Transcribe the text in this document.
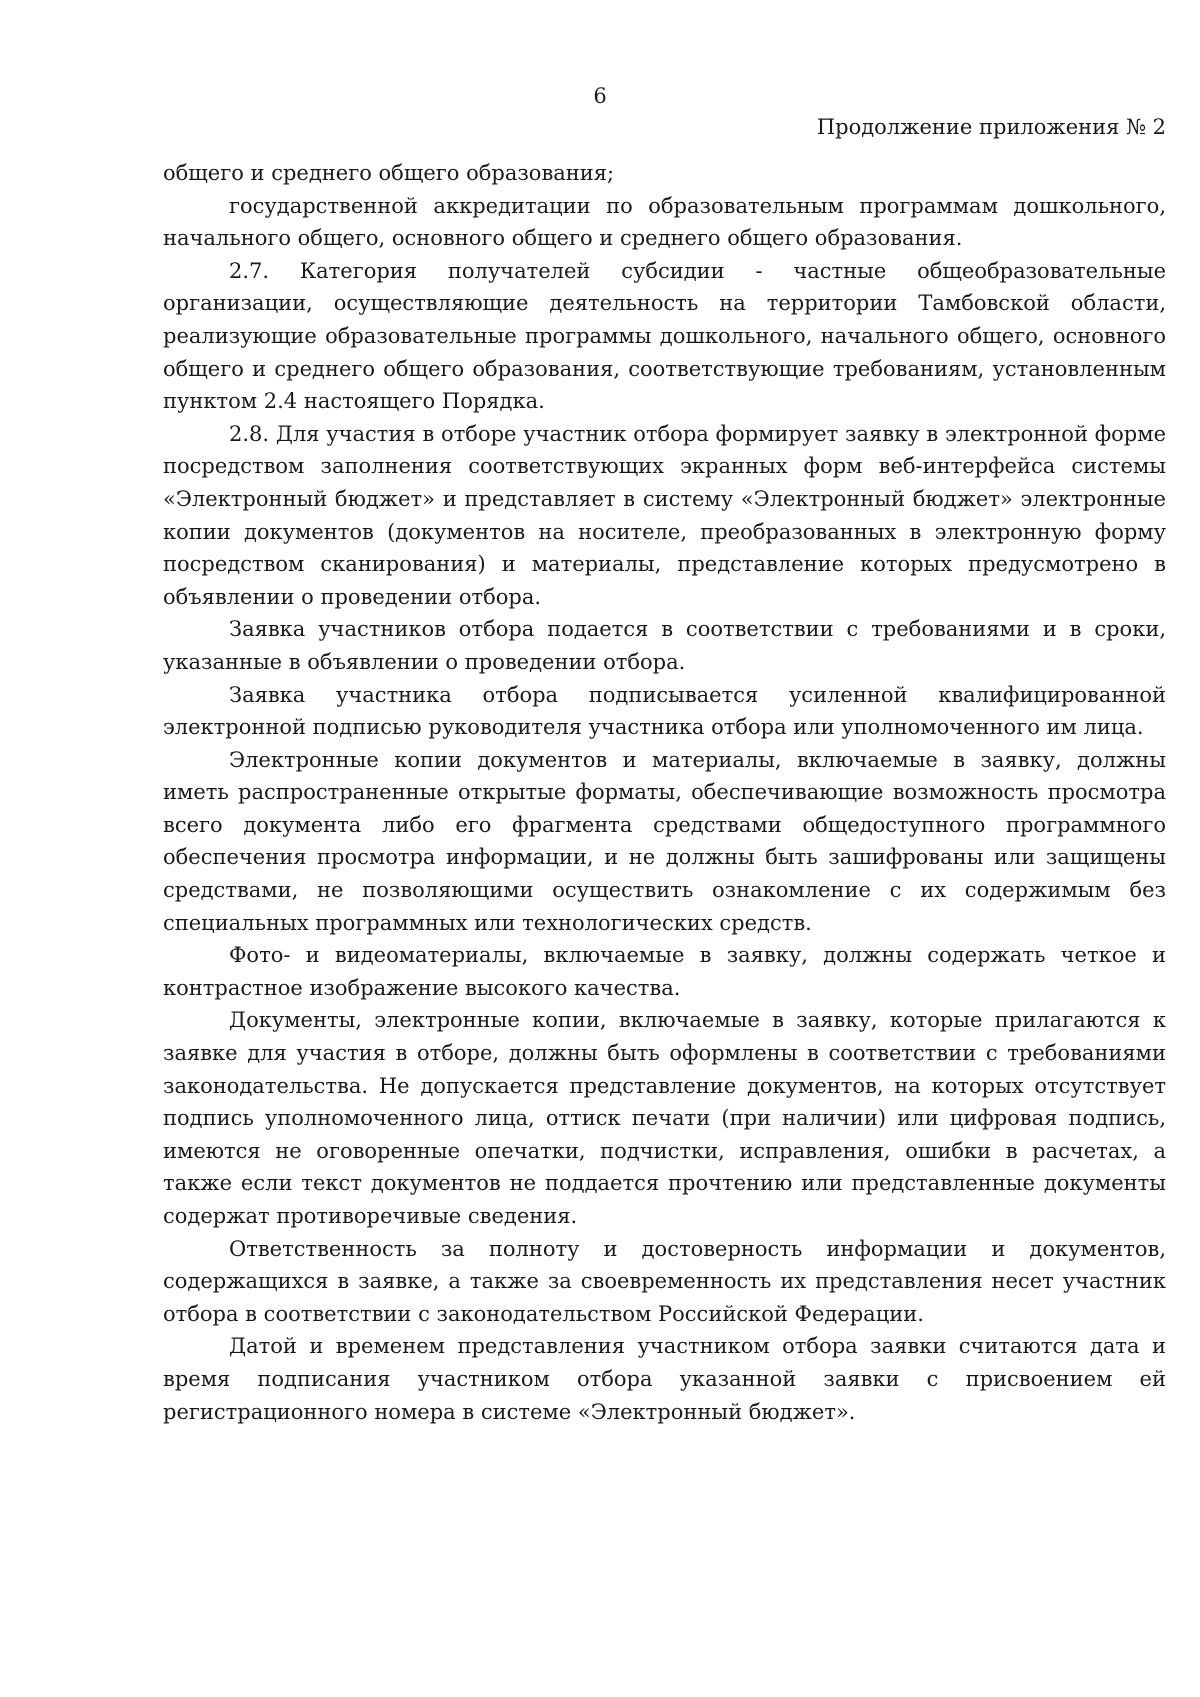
6
Продолжение приложения № 2

общего и среднего общего образования;

государственной аккредитации по образовательным программам дошкольного, начального общего, основного общего и среднего общего образования.

2.7. Категория получателей субсидии - частные общеобразовательные организации, осуществляющие деятельность на территории Тамбовской области, реализующие образовательные программы дошкольного, начального общего, основного общего и среднего общего образования, соответствующие требованиям, установленным пунктом 2.4 настоящего Порядка.

2.8. Для участия в отборе участник отбора формирует заявку в электронной форме посредством заполнения соответствующих экранных форм веб-интерфейса системы «Электронный бюджет» и представляет в систему «Электронный бюджет» электронные копии документов (документов на носителе, преобразованных в электронную форму посредством сканирования) и материалы, представление которых предусмотрено в объявлении о проведении отбора.

Заявка участников отбора подается в соответствии с требованиями и в сроки, указанные в объявлении о проведении отбора.

Заявка участника отбора подписывается усиленной квалифицированной электронной подписью руководителя участника отбора или уполномоченного им лица.

Электронные копии документов и материалы, включаемые в заявку, должны иметь распространенные открытые форматы, обеспечивающие возможность просмотра всего документа либо его фрагмента средствами общедоступного программного обеспечения просмотра информации, и не должны быть зашифрованы или защищены средствами, не позволяющими осуществить ознакомление с их содержимым без специальных программных или технологических средств.

Фото- и видеоматериалы, включаемые в заявку, должны содержать четкое и контрастное изображение высокого качества.

Документы, электронные копии, включаемые в заявку, которые прилагаются к заявке для участия в отборе, должны быть оформлены в соответствии с требованиями законодательства. Не допускается представление документов, на которых отсутствует подпись уполномоченного лица, оттиск печати (при наличии) или цифровая подпись, имеются не оговоренные опечатки, подчистки, исправления, ошибки в расчетах, а также если текст документов не поддается прочтению или представленные документы содержат противоречивые сведения.

Ответственность за полноту и достоверность информации и документов, содержащихся в заявке, а также за своевременность их представления несет участник отбора в соответствии с законодательством Российской Федерации.

Датой и временем представления участником отбора заявки считаются дата и время подписания участником отбора указанной заявки с присвоением ей регистрационного номера в системе «Электронный бюджет».
